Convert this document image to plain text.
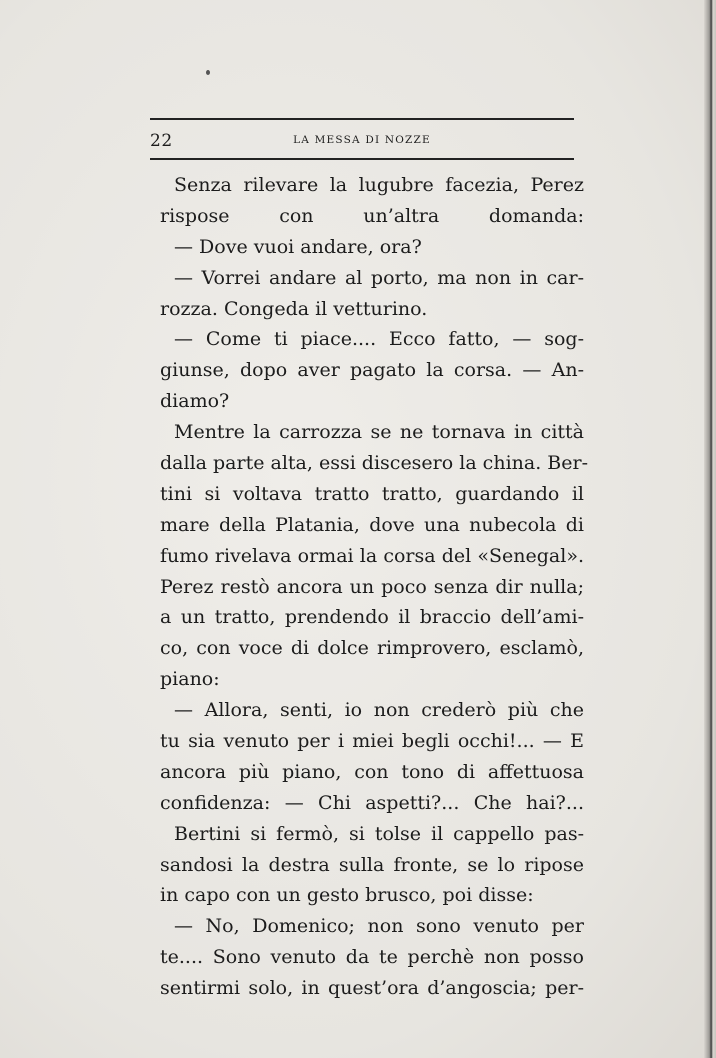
22	LA MESSA DI NOZZE
Senza rilevare la lugubre facezia, Perez
rispose con un’altra domanda:
— Dove vuoi andare, ora?
— Vorrei andare al porto, ma non in car-
rozza. Congeda il vetturino.
— Come ti piace.... Ecco fatto, — sog-
giunse, dopo aver pagato la corsa. — An-
diamo?
Mentre la carrozza se ne tornava in città
dalla parte alta, essi discesero la china. Ber-
tini si voltava tratto tratto, guardando il
mare della Platania, dove una nubecola di
fumo rivelava ormai la corsa del «Senegal».
Perez restò ancora un poco senza dir nulla;
a un tratto, prendendo il braccio dell’ami-
co, con voce di dolce rimprovero, esclamò,
piano:
— Allora, senti, io non crederò più che
tu sia venuto per i miei begli occhi!... — E
ancora più piano, con tono di affettuosa
confidenza: — Chi aspetti?... Che hai?...
Bertini si fermò, si tolse il cappello pas-
sandosi la destra sulla fronte, se lo ripose
in capo con un gesto brusco, poi disse:
— No, Domenico; non sono venuto per
te.... Sono venuto da te perchè non posso
sentirmi solo, in quest’ora d’angoscia; per-
